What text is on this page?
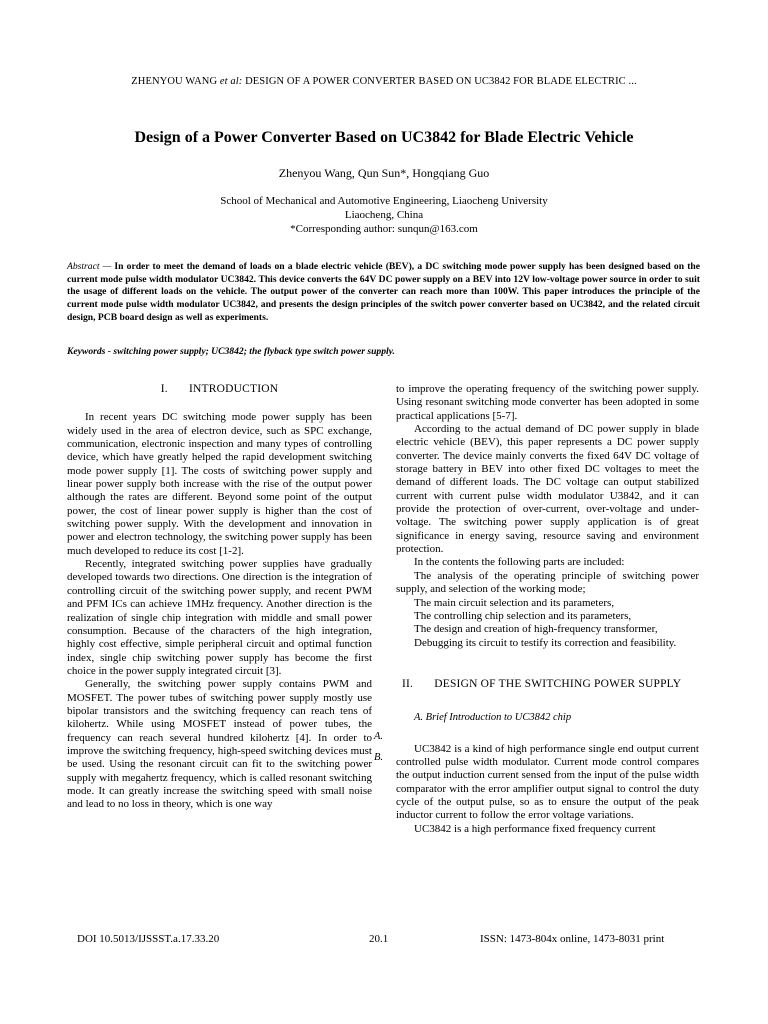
ZHENYOU WANG et al: DESIGN OF A POWER CONVERTER BASED ON UC3842 FOR BLADE ELECTRIC ...
Design of a Power Converter Based on UC3842 for Blade Electric Vehicle
Zhenyou Wang, Qun Sun*, Hongqiang Guo
School of Mechanical and Automotive Engineering, Liaocheng University
Liaocheng, China
*Corresponding author: sunqun@163.com
Abstract — In order to meet the demand of loads on a blade electric vehicle (BEV), a DC switching mode power supply has been designed based on the current mode pulse width modulator UC3842. This device converts the 64V DC power supply on a BEV into 12V low-voltage power source in order to suit the usage of different loads on the vehicle. The output power of the converter can reach more than 100W. This paper introduces the principle of the current mode pulse width modulator UC3842, and presents the design principles of the switch power converter based on UC3842, and the related circuit design, PCB board design as well as experiments.
Keywords - switching power supply; UC3842; the flyback type switch power supply.
I. INTRODUCTION

In recent years DC switching mode power supply has been widely used in the area of electron device, such as SPC exchange, communication, electronic inspection and many types of controlling device, which have greatly helped the rapid development switching mode power supply [1]. The costs of switching power supply and linear power supply both increase with the rise of the output power although the rates are different. Beyond some point of the output power, the cost of linear power supply is higher than the cost of switching power supply. With the development and innovation in power and electron technology, the switching power supply has been much developed to reduce its cost [1-2].

Recently, integrated switching power supplies have gradually developed towards two directions. One direction is the integration of controlling circuit of the switching power supply, and recent PWM and PFM ICs can achieve 1MHz frequency. Another direction is the realization of single chip integration with middle and small power consumption. Because of the characters of the high integration, highly cost effective, simple peripheral circuit and optimal function index, single chip switching power supply has become the first choice in the power supply integrated circuit [3].

Generally, the switching power supply contains PWM and MOSFET. The power tubes of switching power supply mostly use bipolar transistors and the switching frequency can reach tens of kilohertz. While using MOSFET instead of power tubes, the frequency can reach several hundred kilohertz [4]. In order to improve the switching frequency, high-speed switching devices must be used. Using the resonant circuit can fit to the switching power supply with megahertz frequency, which is called resonant switching mode. It can greatly increase the switching speed with small noise and lead to no loss in theory, which is one way

to improve the operating frequency of the switching power supply. Using resonant switching mode converter has been adopted in some practical applications [5-7].

According to the actual demand of DC power supply in blade electric vehicle (BEV), this paper represents a DC power supply converter. The device mainly converts the fixed 64V DC voltage of storage battery in BEV into other fixed DC voltages to meet the demand of different loads. The DC voltage can output stabilized current with current pulse width modulator U3842, and it can provide the protection of over-current, over-voltage and under-voltage. The switching power supply application is of great significance in energy saving, resource saving and environment protection.

In the contents the following parts are included:

The analysis of the operating principle of switching power supply, and selection of the working mode;

The main circuit selection and its parameters,

The controlling chip selection and its parameters,

The design and creation of high-frequency transformer,

Debugging its circuit to testify its correction and feasibility.

II. DESIGN OF THE SWITCHING POWER SUPPLY

A. Brief Introduction to UC3842 chip

UC3842 is a kind of high performance single end output current controlled pulse width modulator. Current mode control compares the output induction current sensed from the input of the pulse width comparator with the error amplifier output signal to control the duty cycle of the output pulse, so as to ensure the output of the peak inductor current to follow the error voltage variations.

UC3842 is a high performance fixed frequency current

A.
B.
DOI 10.5013/IJSSST.a.17.33.20	20.1	ISSN: 1473-804x online, 1473-8031 print
